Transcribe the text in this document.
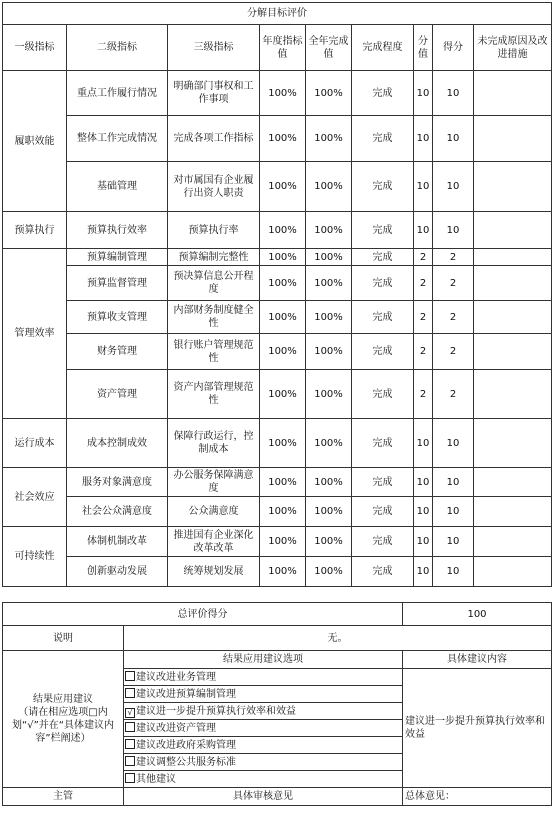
分解目标评价								
一级指标	二级指标	三级指标	年度指标值	全年完成值	完成程度	分值	得分	未完成原因及改进措施
履职效能	重点工作履行情况	明确部门事权和工作事项	100%	100%	完成	10	10	
	整体工作完成情况	完成各项工作指标	100%	100%	完成	10	10	
	基础管理	对市属国有企业履行出资人职责	100%	100%	完成	10	10	
预算执行	预算执行效率	预算执行率	100%	100%	完成	10	10	
管理效率	预算编制管理	预算编制完整性	100%	100%	完成	2	2	
	预算监督管理	预决算信息公开程度	100%	100%	完成	2	2	
	预算收支管理	内部财务制度健全性	100%	100%	完成	2	2	
	财务管理	银行账户管理规范性	100%	100%	完成	2	2	
	资产管理	资产内部管理规范性	100%	100%	完成	2	2	
运行成本	成本控制成效	保障行政运行，控制成本	100%	100%	完成	10	10	
社会效应	服务对象满意度	办公服务保障满意度	100%	100%	完成	10	10	
	社会公众满意度	公众满意度	100%	100%	完成	10	10	
可持续性	体制机制改革	推进国有企业深化改革改革	100%	100%	完成	10	10	
	创新驱动发展	统筹规划发展	100%	100%	完成	10	10	
总评价得分		100
说明	无。	

结果应用建议
（请在相应选项□内划“√”并在“具体建议内容”栏阐述）	结果应用建议选项	具体建议内容
	建议改进业务管理	建议进一步提升预算执行效率和效益
	建议改进预算编制管理	
	√ 建议进一步提升预算执行效率和效益	
	建议改进资产管理	
	建议改进政府采购管理	
	建议调整公共服务标准	
	其他建议	
主管	具体审核意见	总体意见：
